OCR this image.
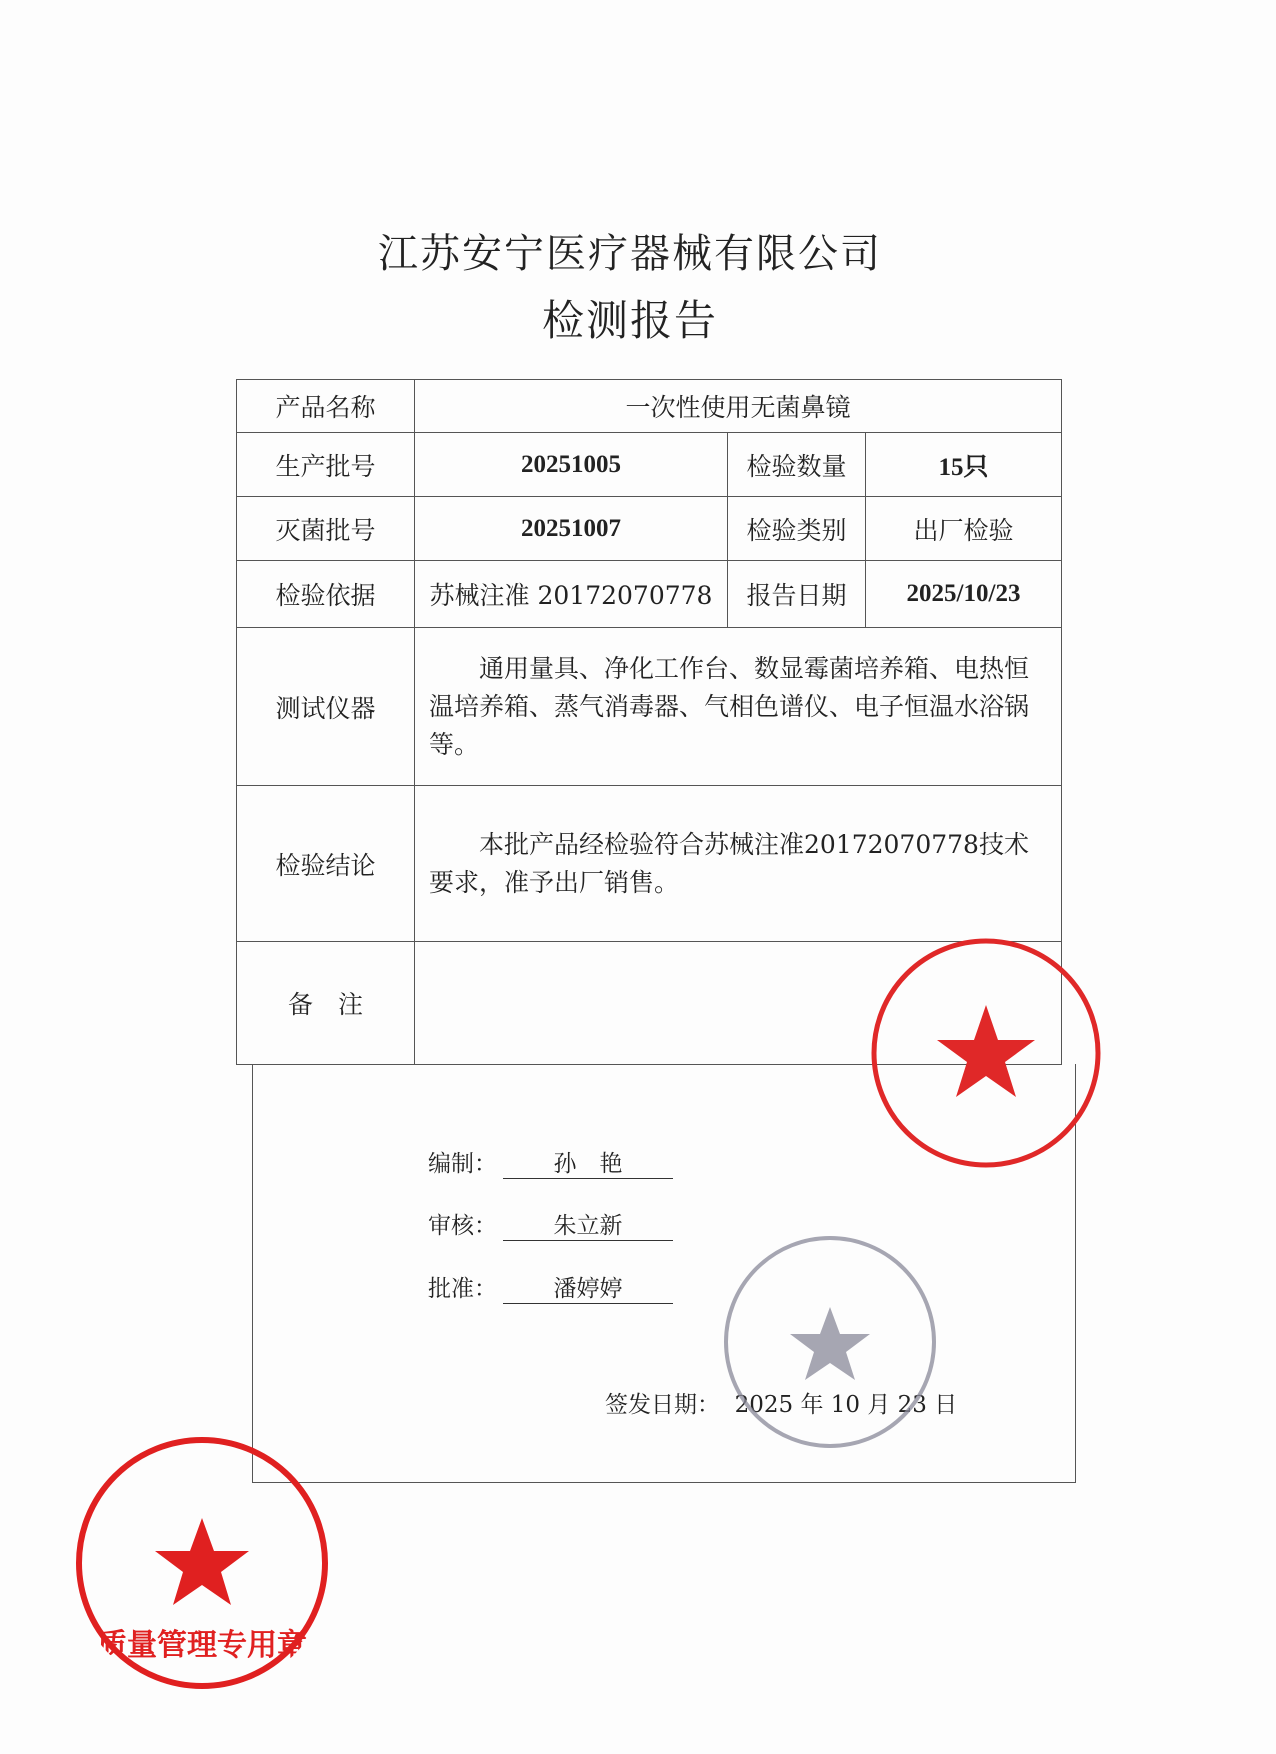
江苏安宁医疗器械有限公司
检测报告
产品名称	一次性使用无菌鼻镜		
生产批号	20251005	检验数量	15只
灭菌批号	20251007	检验类别	出厂检验
检验依据	苏械注准 20172070778	报告日期	2025/10/23
测试仪器	通用量具、净化工作台、数显霉菌培养箱、电热恒温培养箱、蒸气消毒器、气相色谱仪、电子恒温水浴锅等。		
检验结论	本批产品经检验符合苏械注准20172070778技术要求，准予出厂销售。		
备　注			
编制： 孙　艳
审核： 朱立新
批准： 潘婷婷
签发日期： 2025 年 10 月 23 日
质量管理专用章
